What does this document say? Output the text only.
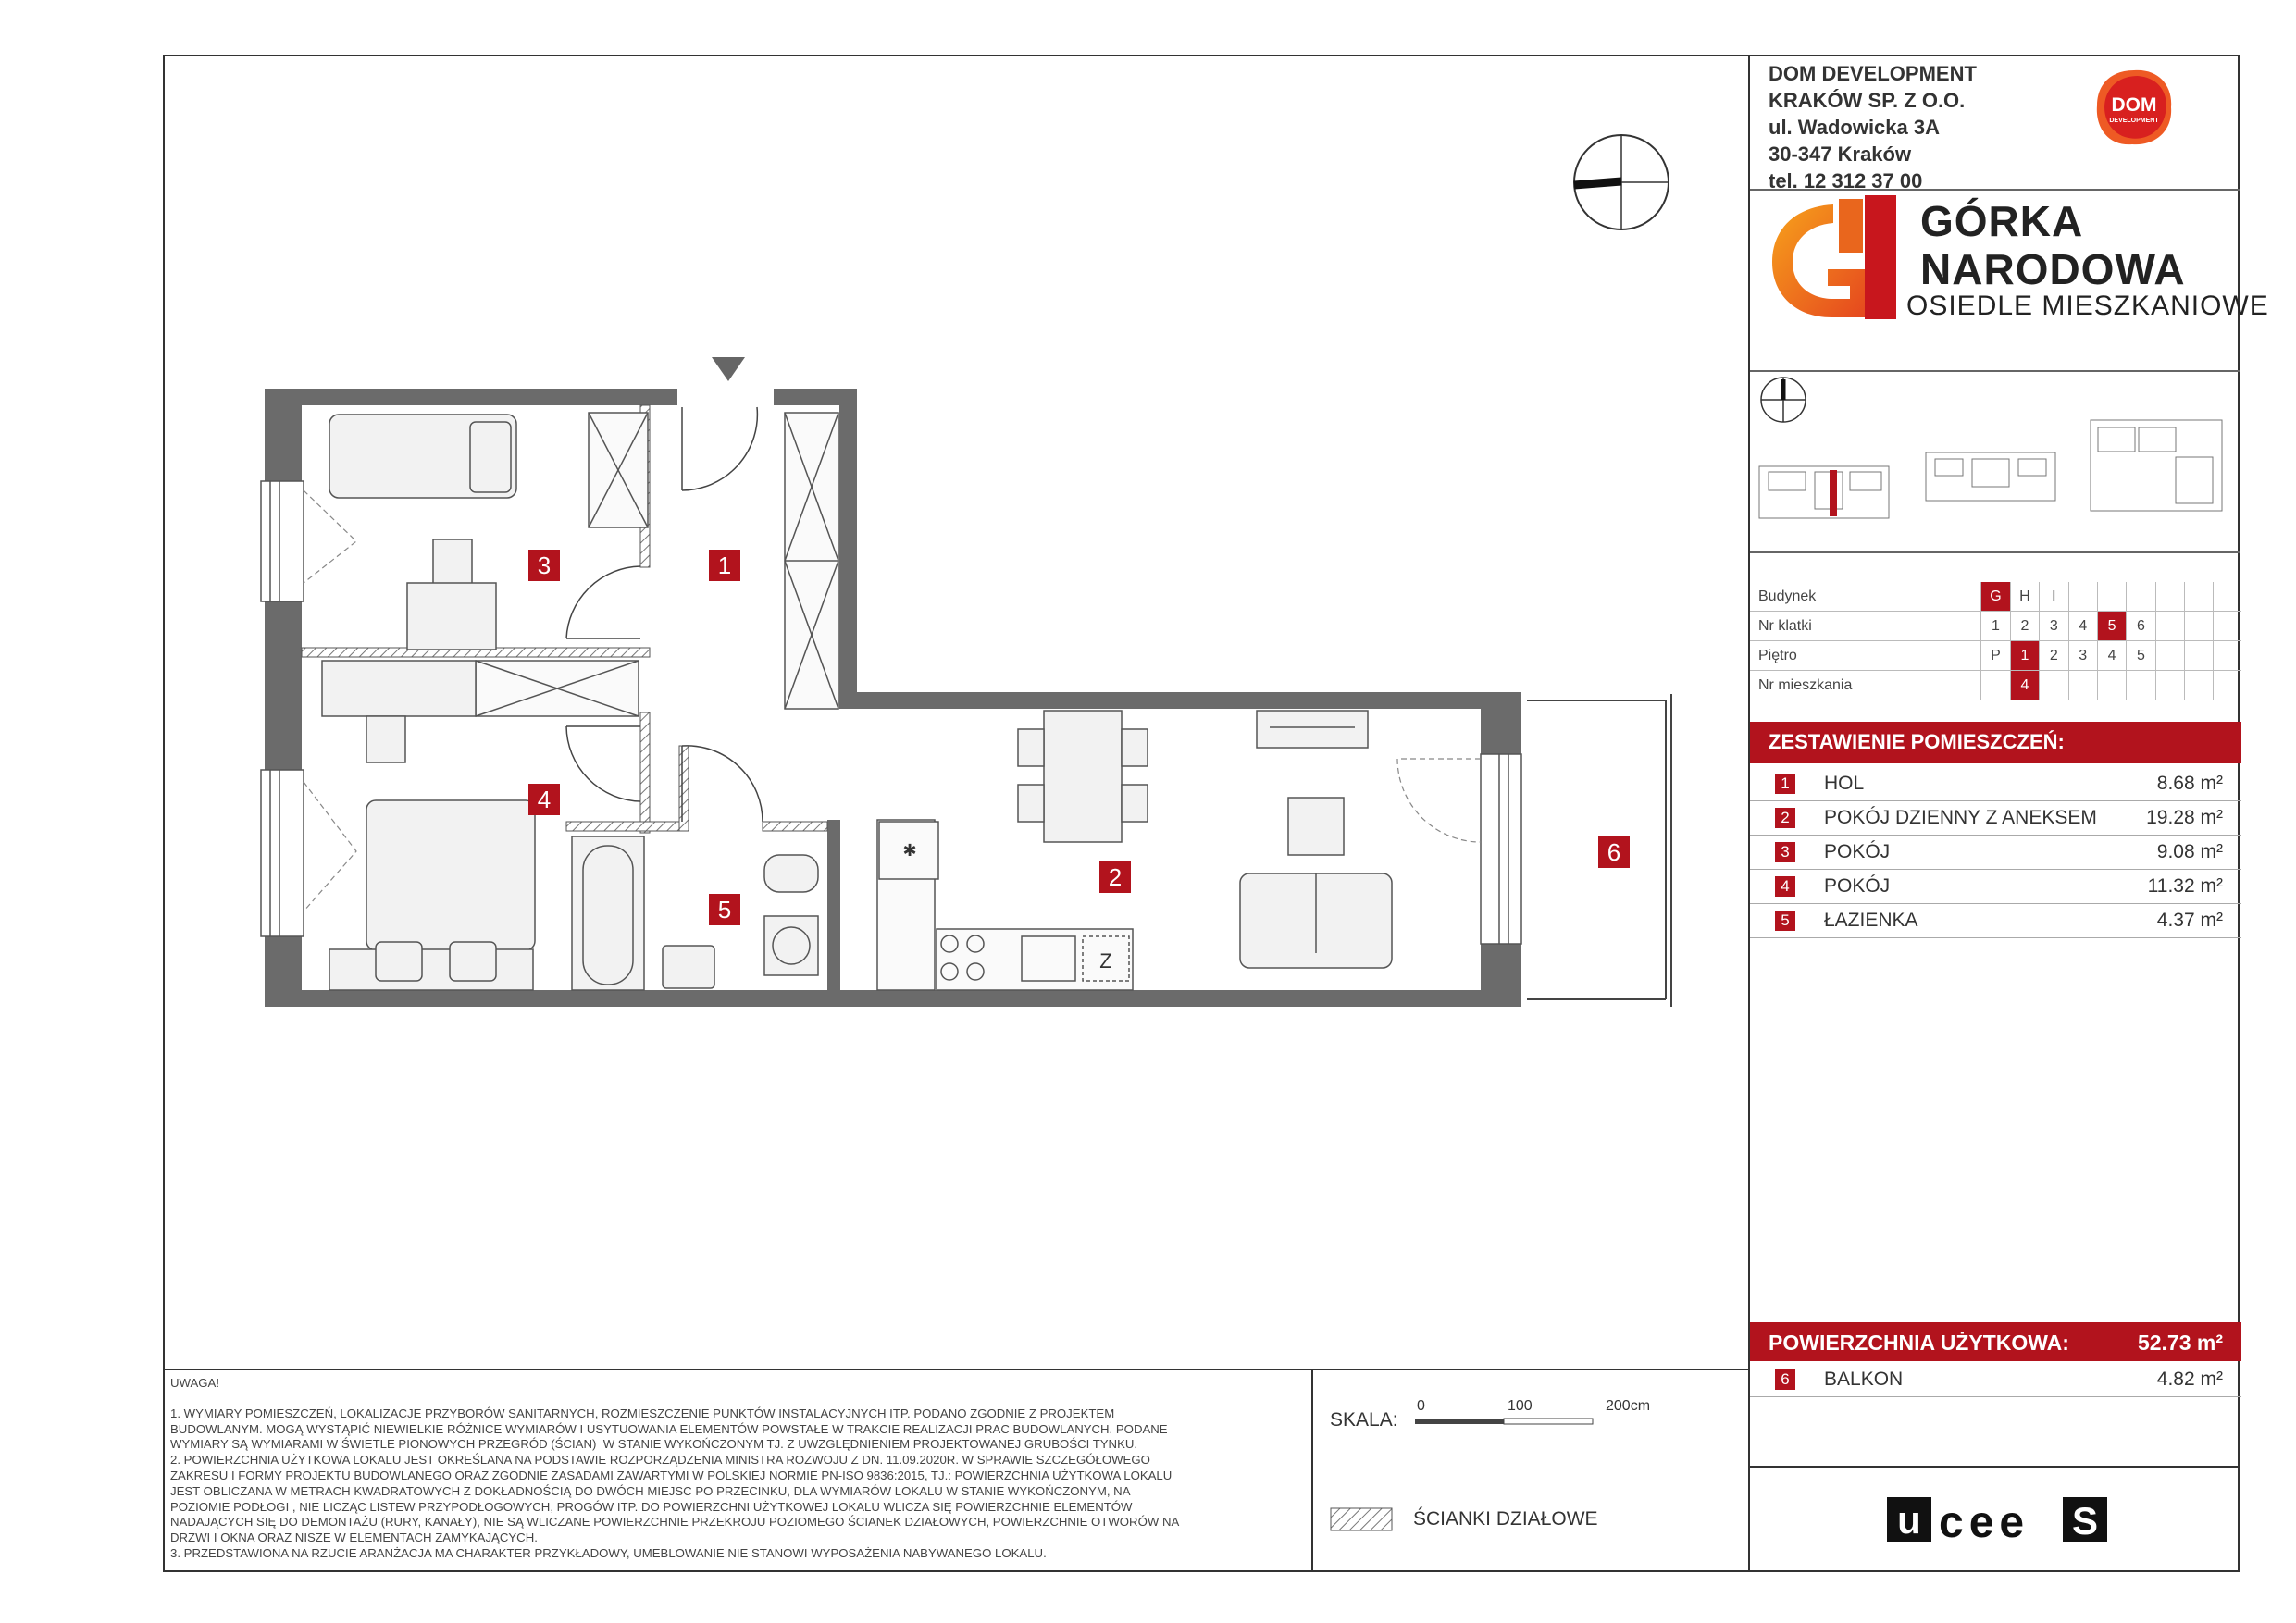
✱
Z
1
2
3
4
5
6
DOM DEVELOPMENT
KRAKÓW SP. Z O.O.
ul. Wadowicka 3A
30-347 Kraków
tel. 12 312 37 00
DOM
DEVELOPMENT
GÓRKA
NARODOWA
OSIEDLE MIESZKANIOWE
Budynek	G	H	I						
Nr klatki	1	2	3	4	5	6			
Piętro	P	1	2	3	4	5			
Nr mieszkania		4							
ZESTAWIENIE POMIESZCZEŃ:
1 HOL	8.68 m²
2 POKÓJ DZIENNY Z ANEKSEM	19.28 m²
3 POKÓJ	9.08 m²
4 POKÓJ	11.32 m²
5 ŁAZIENKA	4.37 m²
POWIERZCHNIA UŻYTKOWA:	52.73 m²
6 BALKON	4.82 m²
UWAGA!
1. WYMIARY POMIESZCZEŃ, LOKALIZACJE PRZYBORÓW SANITARNYCH, ROZMIESZCZENIE PUNKTÓW INSTALACYJNYCH ITP. PODANO ZGODNIE Z PROJEKTEM
BUDOWLANYM. MOGĄ WYSTĄPIĆ NIEWIELKIE RÓŻNICE WYMIARÓW I USYTUOWANIA ELEMENTÓW POWSTAŁE W TRAKCIE REALIZACJI PRAC BUDOWLANYCH. PODANE
WYMIARY SĄ WYMIARAMI W ŚWIETLE PIONOWYCH PRZEGRÓD (ŚCIAN)  W STANIE WYKOŃCZONYM TJ. Z UWZGLĘDNIENIEM PROJEKTOWANEJ GRUBOŚCI TYNKU.
2. POWIERZCHNIA UŻYTKOWA LOKALU JEST OKREŚLANA NA PODSTAWIE ROZPORZĄDZENIA MINISTRA ROZWOJU Z DN. 11.09.2020R. W SPRAWIE SZCZEGÓŁOWEGO
ZAKRESU I FORMY PROJEKTU BUDOWLANEGO ORAZ ZGODNIE ZASADAMI ZAWARTYMI W POLSKIEJ NORMIE PN-ISO 9836:2015, TJ.: POWIERZCHNIA UŻYTKOWA LOKALU
JEST OBLICZANA W METRACH KWADRATOWYCH Z DOKŁADNOŚCIĄ DO DWÓCH MIEJSC PO PRZECINKU, DLA WYMIARÓW LOKALU W STANIE WYKOŃCZONYM, NA
POZIOMIE PODŁOGI , NIE LICZĄC LISTEW PRZYPODŁOGOWYCH, PROGÓW ITP. DO POWIERZCHNI UŻYTKOWEJ LOKALU WLICZA SIĘ POWIERZCHNIE ELEMENTÓW
NADAJĄCYCH SIĘ DO DEMONTAŻU (RURY, KANAŁY), NIE SĄ WLICZANE POWIERZCHNIE PRZEKROJU POZIOMEGO ŚCIANEK DZIAŁOWYCH, POWIERZCHNIE OTWORÓW NA
DRZWI I OKNA ORAZ NISZE W ELEMENTACH ZAMYKAJĄCYCH.
3. PRZEDSTAWIONA NA RZUCIE ARANŻACJA MA CHARAKTER PRZYKŁADOWY, UMEBLOWANIE NIE STANOWI WYPOSAŻENIA NABYWANEGO LOKALU.
SKALA:
0	100	200cm
ŚCIANKI DZIAŁOWE	u cee S
